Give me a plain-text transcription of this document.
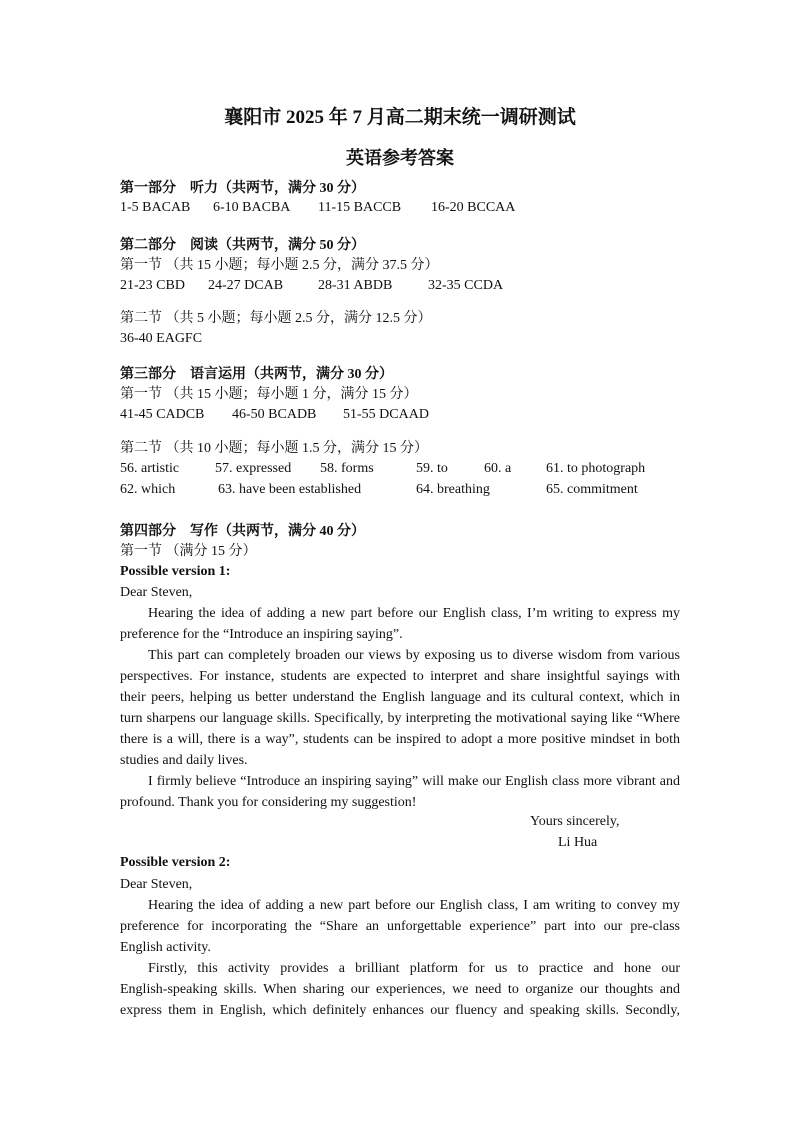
襄阳市 2025 年 7 月高二期末统一调研测试
英语参考答案
第一部分　听力（共两节，满分 30 分）
1-5 BACAB 6-10 BACBA 11-15 BACCB 16-20 BCCAA
第二部分　阅读（共两节，满分 50 分）
第一节 （共 15 小题；每小题 2.5 分，满分 37.5 分）
21-23 CBD 24-27 DCAB 28-31 ABDB	32-35 CCDA
第二节 （共 5 小题；每小题 2.5 分，满分 12.5 分）
36-40 EAGFC
第三部分　语言运用（共两节，满分 30 分）
第一节 （共 15 小题；每小题 1 分，满分 15 分）
41-45 CADCB 46-50 BCADB 51-55 DCAAD
第二节 （共 10 小题；每小题 1.5 分，满分 15 分）
56. artistic	57. expressed 58. forms	59. to	60. a 61. to photograph
62. which	63. have been established	64. breathing	65. commitment
第四部分　写作（共两节，满分 40 分）
第一节 （满分 15 分）
Possible version 1:
Dear Steven,
Hearing the idea of adding a new part before our English class, I’m writing to express my
preference for the “Introduce an inspiring saying”.
This part can completely broaden our views by exposing us to diverse wisdom from various
perspectives. For instance, students are expected to interpret and share insightful sayings with
their peers, helping us better understand the English language and its cultural context, which in
turn sharpens our language skills. Specifically, by interpreting the motivational saying like “Where
there is a will, there is a way”, students can be inspired to adopt a more positive mindset in both
studies and daily lives.
I firmly believe “Introduce an inspiring saying” will make our English class more vibrant and
profound. Thank you for considering my suggestion!
Yours sincerely,
Li Hua
Possible version 2:
Dear Steven,
Hearing the idea of adding a new part before our English class, I am writing to convey my
preference for incorporating the “Share an unforgettable experience” part into our pre-class
English activity.
Firstly, this activity provides a brilliant platform for us to practice and hone our
English-speaking skills. When sharing our experiences, we need to organize our thoughts and
express them in English, which definitely enhances our fluency and speaking skills. Secondly,
